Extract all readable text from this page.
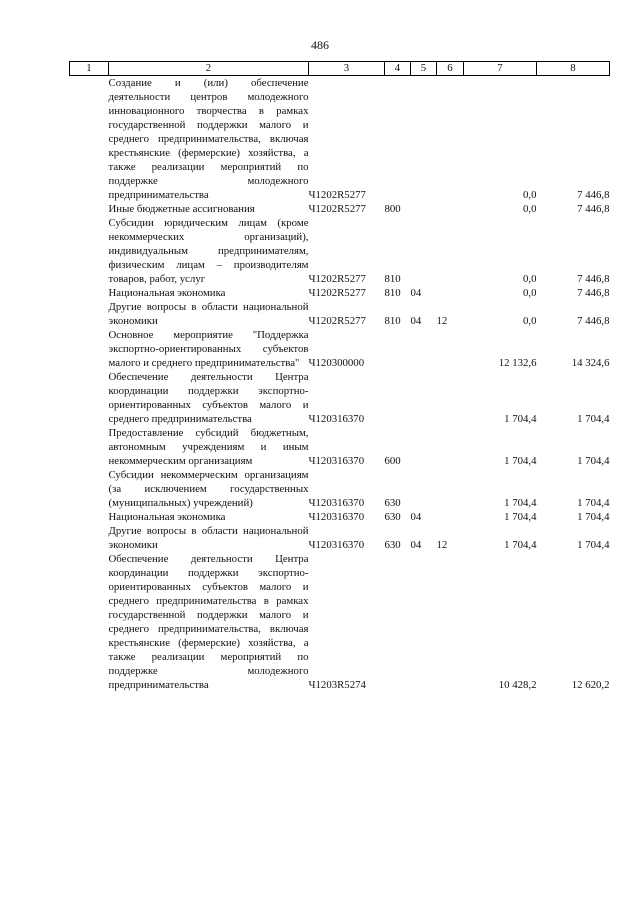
486
1	2	3	4	5	6	7	8
	Создание и (или) обеспечение деятельности центров молодежного инновационного творчества в рамках государственной поддержки малого и среднего предпринимательства, включая крестьянские (фермерские) хозяйства, а также реализации мероприятий по поддержке молодежного предпринимательства	Ч1202R5277				0,0	7 446,8
	Иные бюджетные ассигнования	Ч1202R5277	800			0,0	7 446,8
	Субсидии юридическим лицам (кроме некоммерческих организаций), индивидуальным предпринимателям, физическим лицам – производителям товаров, работ, услуг	Ч1202R5277	810			0,0	7 446,8
	Национальная экономика	Ч1202R5277	810	04		0,0	7 446,8
	Другие вопросы в области национальной экономики	Ч1202R5277	810	04	12	0,0	7 446,8
	Основное мероприятие "Поддержка экспортно-ориентированных субъектов малого и среднего предпринимательства"	Ч120300000				12 132,6	14 324,6
	Обеспечение деятельности Центра координации поддержки экспортно-ориентированных субъектов малого и среднего предпринимательства	Ч120316370				1 704,4	1 704,4
	Предоставление субсидий бюджетным, автономным учреждениям и иным некоммерческим организациям	Ч120316370	600			1 704,4	1 704,4
	Субсидии некоммерческим организациям (за исключением государственных (муниципальных) учреждений)	Ч120316370	630			1 704,4	1 704,4
	Национальная экономика	Ч120316370	630	04		1 704,4	1 704,4
	Другие вопросы в области национальной экономики	Ч120316370	630	04	12	1 704,4	1 704,4
	Обеспечение деятельности Центра координации поддержки экспортно-ориентированных субъектов малого и среднего предпринимательства в рамках государственной поддержки малого и среднего предпринимательства, включая крестьянские (фермерские) хозяйства, а также реализации мероприятий по поддержке молодежного предпринимательства	Ч1203R5274				10 428,2	12 620,2
